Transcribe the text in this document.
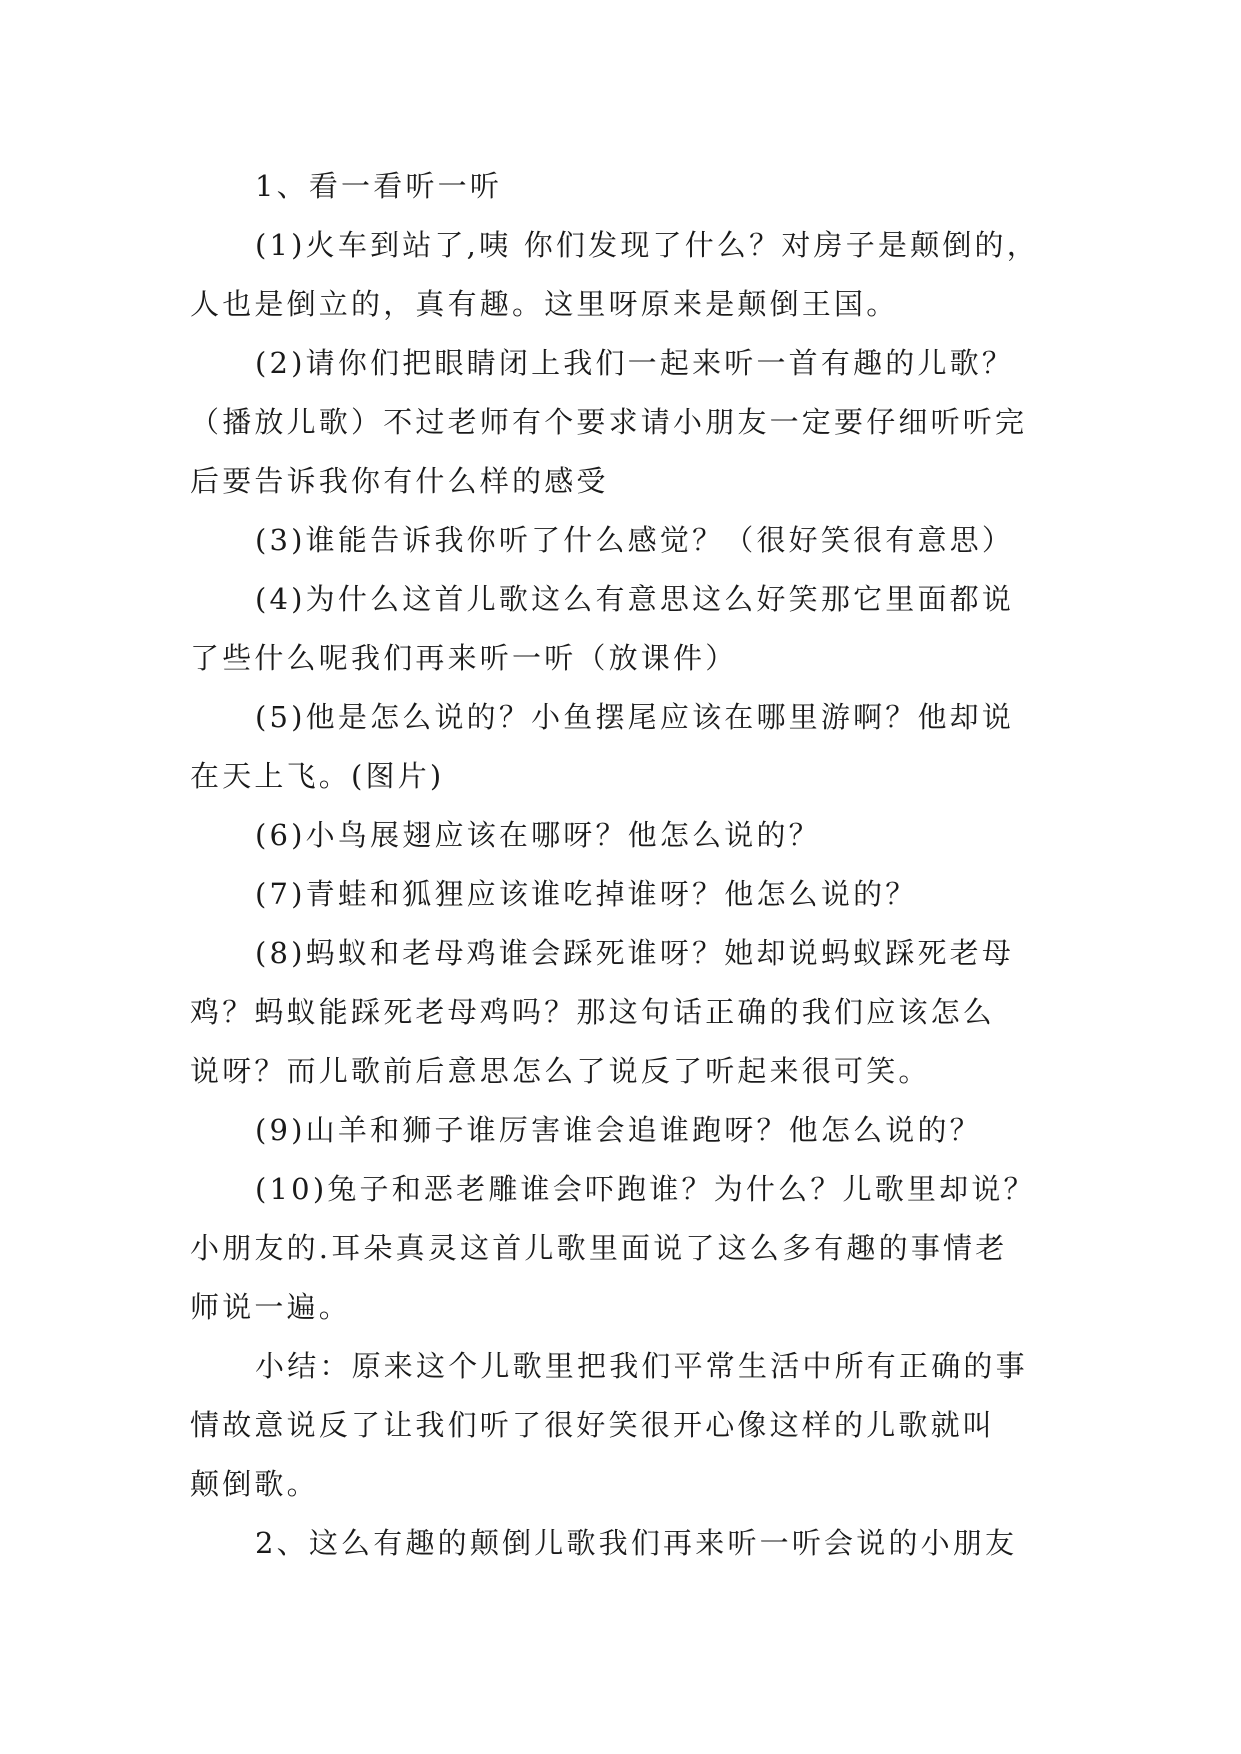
1、看一看听一听
(1)火车到站了,咦 你们发现了什么？对房子是颠倒的，
人也是倒立的，真有趣。这里呀原来是颠倒王国。
(2)请你们把眼睛闭上我们一起来听一首有趣的儿歌？
（播放儿歌）不过老师有个要求请小朋友一定要仔细听听完
后要告诉我你有什么样的感受
(3)谁能告诉我你听了什么感觉？（很好笑很有意思）
(4)为什么这首儿歌这么有意思这么好笑那它里面都说
了些什么呢我们再来听一听（放课件）
(5)他是怎么说的？小鱼摆尾应该在哪里游啊？他却说
在天上飞。(图片)
(6)小鸟展翅应该在哪呀？他怎么说的？
(7)青蛙和狐狸应该谁吃掉谁呀？他怎么说的？
(8)蚂蚁和老母鸡谁会踩死谁呀？她却说蚂蚁踩死老母
鸡？蚂蚁能踩死老母鸡吗？那这句话正确的我们应该怎么
说呀？而儿歌前后意思怎么了说反了听起来很可笑。
(9)山羊和狮子谁厉害谁会追谁跑呀？他怎么说的？
(10)兔子和恶老雕谁会吓跑谁？为什么？儿歌里却说？
小朋友的.耳朵真灵这首儿歌里面说了这么多有趣的事情老
师说一遍。
小结：原来这个儿歌里把我们平常生活中所有正确的事
情故意说反了让我们听了很好笑很开心像这样的儿歌就叫
颠倒歌。
2、这么有趣的颠倒儿歌我们再来听一听会说的小朋友
